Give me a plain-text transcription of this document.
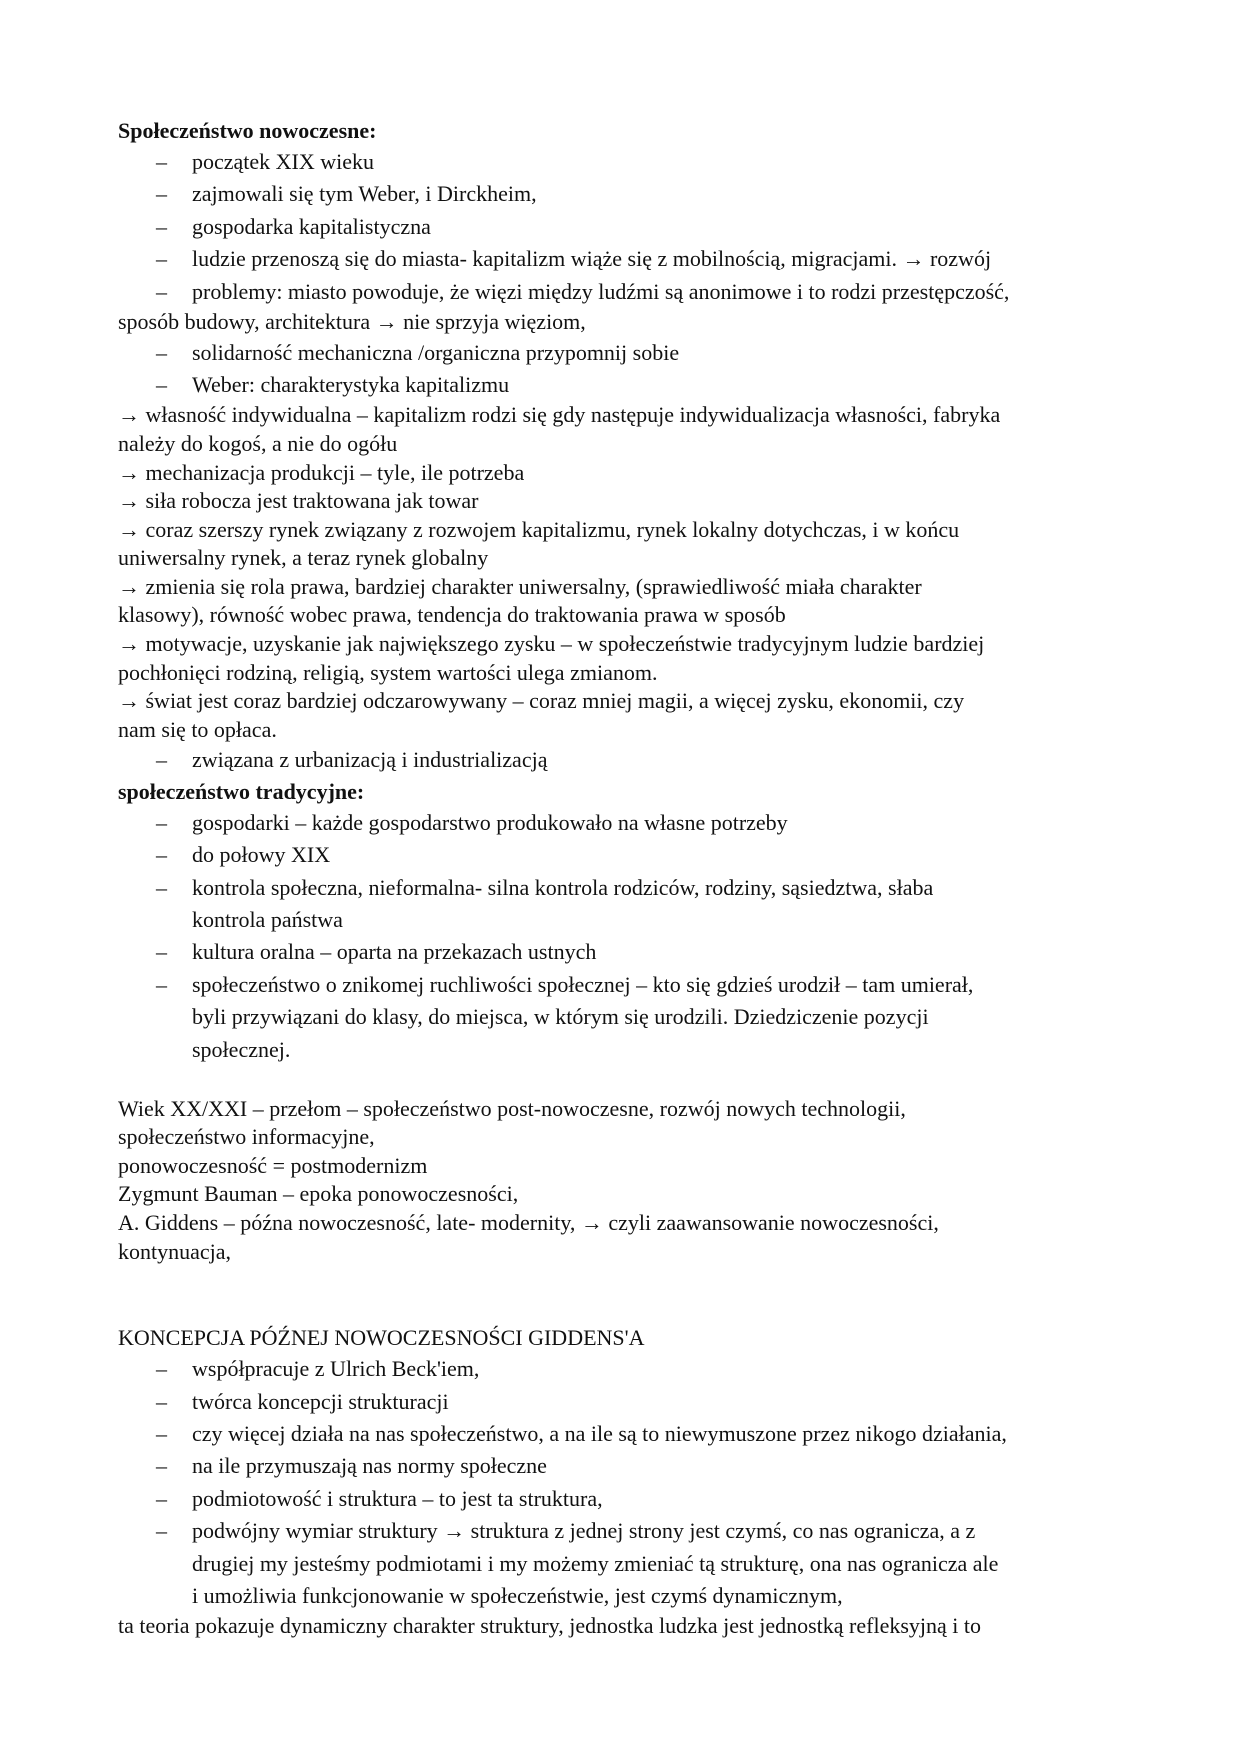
Społeczeństwo nowoczesne:
– początek XIX wieku
– zajmowali się tym Weber, i Dirckheim,
– gospodarka kapitalistyczna
– ludzie przenoszą się do miasta- kapitalizm wiąże się z mobilnością, migracjami. → rozwój
– problemy: miasto powoduje, że więzi między ludźmi są anonimowe i to rodzi przestępczość,
sposób budowy, architektura → nie sprzyja więziom,
– solidarność mechaniczna /organiczna przypomnij sobie
– Weber: charakterystyka kapitalizmu
→ własność indywidualna – kapitalizm rodzi się gdy następuje indywidualizacja własności, fabryka
należy do kogoś, a nie do ogółu
→ mechanizacja produkcji – tyle, ile potrzeba
→ siła robocza jest traktowana jak towar
→ coraz szerszy rynek związany z rozwojem kapitalizmu, rynek lokalny dotychczas, i w końcu
uniwersalny rynek, a teraz rynek globalny
→ zmienia się rola prawa, bardziej charakter uniwersalny, (sprawiedliwość miała charakter
klasowy), równość wobec prawa, tendencja do traktowania prawa w sposób
→ motywacje, uzyskanie jak największego zysku – w społeczeństwie tradycyjnym ludzie bardziej
pochłonięci rodziną, religią, system wartości ulega zmianom.
→ świat jest coraz bardziej odczarowywany – coraz mniej magii, a więcej zysku, ekonomii, czy
nam się to opłaca.
– związana z urbanizacją i industrializacją
społeczeństwo tradycyjne:
– gospodarki – każde gospodarstwo produkowało na własne potrzeby
– do połowy XIX
– kontrola społeczna, nieformalna- silna kontrola rodziców, rodziny, sąsiedztwa, słaba
kontrola państwa
– kultura oralna – oparta na przekazach ustnych
– społeczeństwo o znikomej ruchliwości społecznej – kto się gdzieś urodził – tam umierał,
byli przywiązani do klasy, do miejsca, w którym się urodzili. Dziedziczenie pozycji
społecznej.
Wiek XX/XXI – przełom – społeczeństwo post-nowoczesne, rozwój nowych technologii,
społeczeństwo informacyjne,
ponowoczesność = postmodernizm
Zygmunt Bauman – epoka ponowoczesności,
A. Giddens – późna nowoczesność, late- modernity, → czyli zaawansowanie nowoczesności,
kontynuacja,
KONCEPCJA PÓŹNEJ NOWOCZESNOŚCI GIDDENS'A
– współpracuje z Ulrich Beck'iem,
– twórca koncepcji strukturacji
– czy więcej działa na nas społeczeństwo, a na ile są to niewymuszone przez nikogo działania,
– na ile przymuszają nas normy społeczne
– podmiotowość i struktura – to jest ta struktura,
– podwójny wymiar struktury → struktura z jednej strony jest czymś, co nas ogranicza, a z
drugiej my jesteśmy podmiotami i my możemy zmieniać tą strukturę, ona nas ogranicza ale
i umożliwia funkcjonowanie w społeczeństwie, jest czymś dynamicznym,
ta teoria pokazuje dynamiczny charakter struktury, jednostka ludzka jest jednostką refleksyjną i to
